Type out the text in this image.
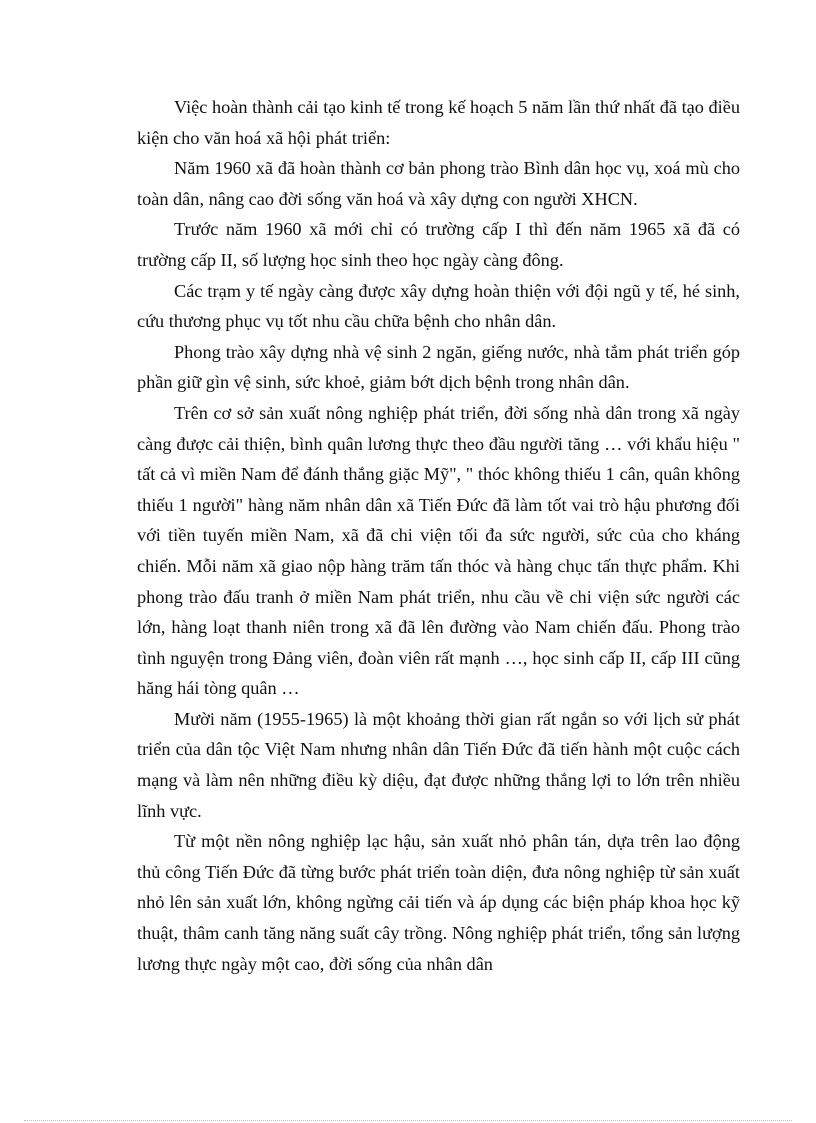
Việc hoàn thành cải tạo kinh tế trong kế hoạch 5 năm lần thứ nhất đã tạo điều kiện cho văn hoá xã hội phát triển:

Năm 1960 xã đã hoàn thành cơ bản phong trào Bình dân học vụ, xoá mù cho toàn dân, nâng cao đời sống văn hoá và xây dựng con người XHCN.

Trước năm 1960 xã mới chỉ có trường cấp I thì đến năm 1965 xã đã có trường cấp II, số lượng học sinh theo học ngày càng đông.

Các trạm y tế ngày càng được xây dựng hoàn thiện với đội ngũ y tế, hé sinh, cứu thương phục vụ tốt nhu cầu chữa bệnh cho nhân dân.

Phong trào xây dựng nhà vệ sinh 2 ngăn, giếng nước, nhà tắm phát triển góp phần giữ gìn vệ sinh, sức khoẻ, giảm bớt dịch bệnh trong nhân dân.

Trên cơ sở sản xuất nông nghiệp phát triển, đời sống nhà dân trong xã ngày càng được cải thiện, bình quân lương thực theo đầu người tăng … với khẩu hiệu " tất cả vì miền Nam để đánh thắng giặc Mỹ", " thóc không thiếu 1 cân, quân không thiếu 1 người" hàng năm nhân dân xã Tiến Đức đã làm tốt vai trò hậu phương đối với tiền tuyến miền Nam, xã đã chi viện tối đa sức người, sức của cho kháng chiến. Mỗi năm xã giao nộp hàng trăm tấn thóc và hàng chục tấn thực phẩm. Khi phong trào đấu tranh ở miền Nam phát triển, nhu cầu về chi viện sức người các lớn, hàng loạt thanh niên trong xã đã lên đường vào Nam chiến đấu. Phong trào tình nguyện trong Đảng viên, đoàn viên rất mạnh …, học sinh cấp II, cấp III cũng hăng hái tòng quân …

Mười năm (1955-1965) là một khoảng thời gian rất ngắn so với lịch sử phát triển của dân tộc Việt Nam nhưng nhân dân Tiến Đức đã tiến hành một cuộc cách mạng và làm nên những điều kỳ diệu, đạt được những thắng lợi to lớn trên nhiều lĩnh vực.

Từ một nền nông nghiệp lạc hậu, sản xuất nhỏ phân tán, dựa trên lao động thủ công Tiến Đức đã từng bước phát triển toàn diện, đưa nông nghiệp từ sản xuất nhỏ lên sản xuất lớn, không ngừng cải tiến và áp dụng các biện pháp khoa học kỹ thuật, thâm canh tăng năng suất cây trồng. Nông nghiệp phát triển, tổng sản lượng lương thực ngày một cao, đời sống của nhân dân
